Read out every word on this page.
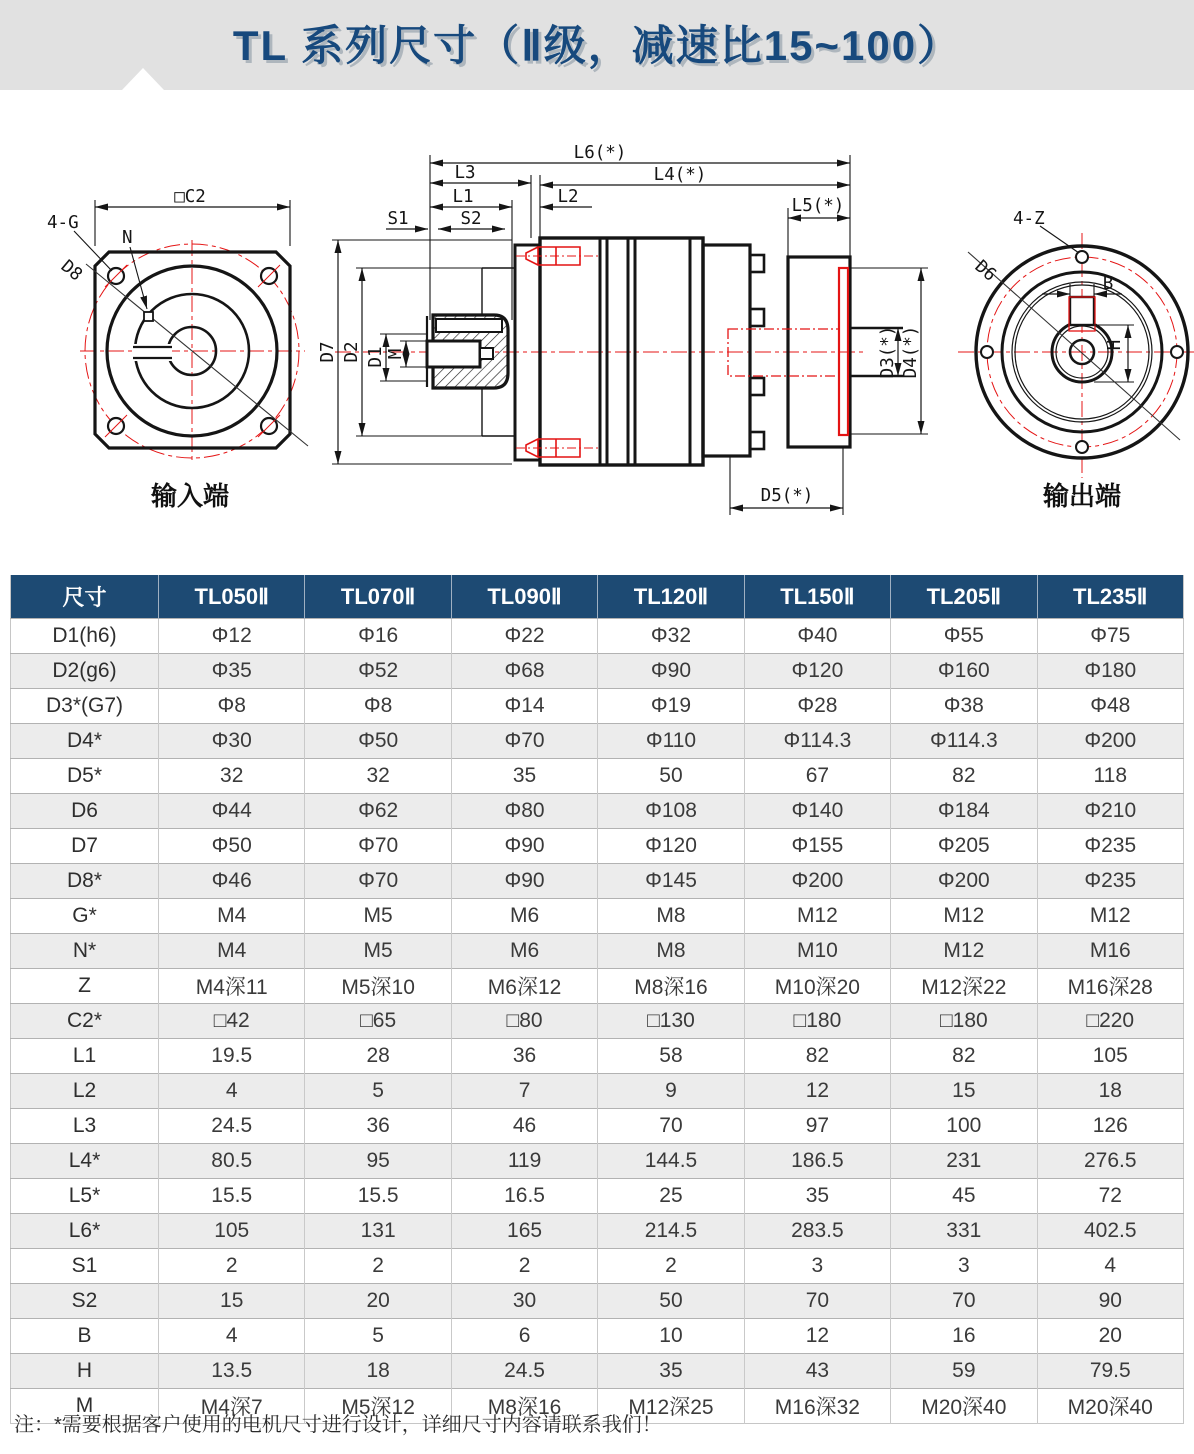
TL 系列尺寸（Ⅱ级，减速比15~100）
□C2
4-G
N
D8
输入端
L6(*)
L4(*)
L3
L1	L2	L5(*)
S1	S2
D7 D2 D1 M	D3(*) D4(*)
D5(*)
B
H
4-Z
D6
输出端
尺寸	TL050Ⅱ	TL070Ⅱ	TL090Ⅱ	TL120Ⅱ	TL150Ⅱ	TL205Ⅱ	TL235Ⅱ
D1(h6)	Φ12	Φ16	Φ22	Φ32	Φ40	Φ55	Φ75
D2(g6)	Φ35	Φ52	Φ68	Φ90	Φ120	Φ160	Φ180
D3*(G7)	Φ8	Φ8	Φ14	Φ19	Φ28	Φ38	Φ48
D4*	Φ30	Φ50	Φ70	Φ110	Φ114.3	Φ114.3	Φ200
D5*	32	32	35	50	67	82	118
D6	Φ44	Φ62	Φ80	Φ108	Φ140	Φ184	Φ210
D7	Φ50	Φ70	Φ90	Φ120	Φ155	Φ205	Φ235
D8*	Φ46	Φ70	Φ90	Φ145	Φ200	Φ200	Φ235
G*	M4	M5	M6	M8	M12	M12	M12
N*	M4	M5	M6	M8	M10	M12	M16
Z	M4深11	M5深10	M6深12	M8深16	M10深20	M12深22	M16深28
C2*	□42	□65	□80	□130	□180	□180	□220
L1	19.5	28	36	58	82	82	105
L2	4	5	7	9	12	15	18
L3	24.5	36	46	70	97	100	126
L4*	80.5	95	119	144.5	186.5	231	276.5
L5*	15.5	15.5	16.5	25	35	45	72
L6*	105	131	165	214.5	283.5	331	402.5
S1	2	2	2	2	3	3	4
S2	15	20	30	50	70	70	90
B	4	5	6	10	12	16	20
H	13.5	18	24.5	35	43	59	79.5
M	M4深7	M5深12	M8深16	M12深25	M16深32	M20深40	M20深40

注：*需要根据客户使用的电机尺寸进行设计，详细尺寸内容请联系我们！
